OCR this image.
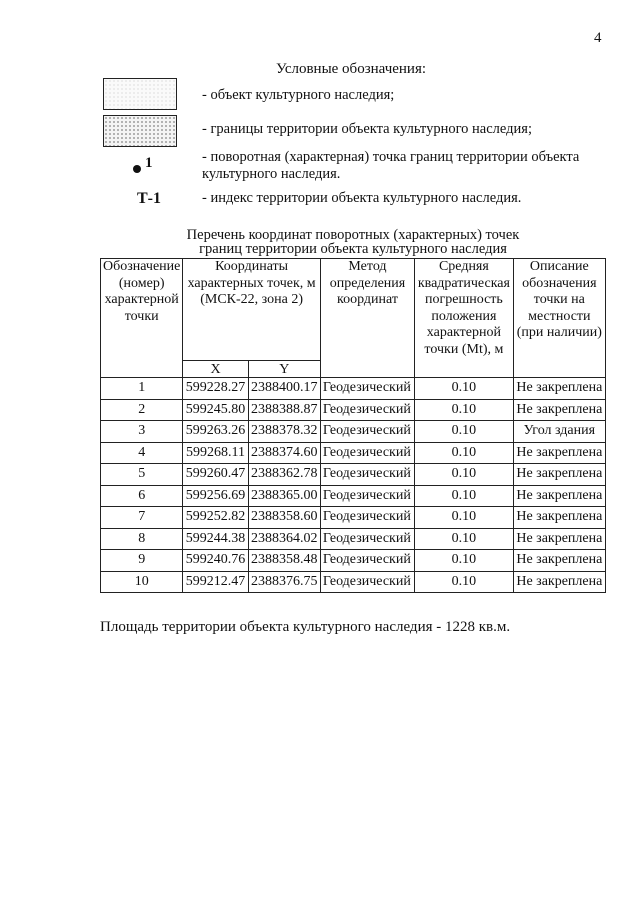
4
Условные обозначения:
- объект культурного наследия;
- границы территории объекта культурного наследия;
1	- поворотная (характерная) точка границ территории объекта культурного наследия.
Т-1	- индекс территории объекта культурного наследия.
Перечень координат поворотных (характерных) точек
границ территории объекта культурного наследия
Обозначение (номер) характерной точки	Координаты характерных точек, м (МСК-22, зона 2)		Метод определения координат	Средняя квадратическая погрешность положения характерной точки (Mt), м	Описание обозначения точки на местности (при наличии)
	X	Y			
1	599228.27	2388400.17	Геодезический	0.10	Не закреплена
2	599245.80	2388388.87	Геодезический	0.10	Не закреплена
3	599263.26	2388378.32	Геодезический	0.10	Угол здания
4	599268.11	2388374.60	Геодезический	0.10	Не закреплена
5	599260.47	2388362.78	Геодезический	0.10	Не закреплена
6	599256.69	2388365.00	Геодезический	0.10	Не закреплена
7	599252.82	2388358.60	Геодезический	0.10	Не закреплена
8	599244.38	2388364.02	Геодезический	0.10	Не закреплена
9	599240.76	2388358.48	Геодезический	0.10	Не закреплена
10	599212.47	2388376.75	Геодезический	0.10	Не закреплена
Площадь территории объекта культурного наследия - 1228 кв.м.
